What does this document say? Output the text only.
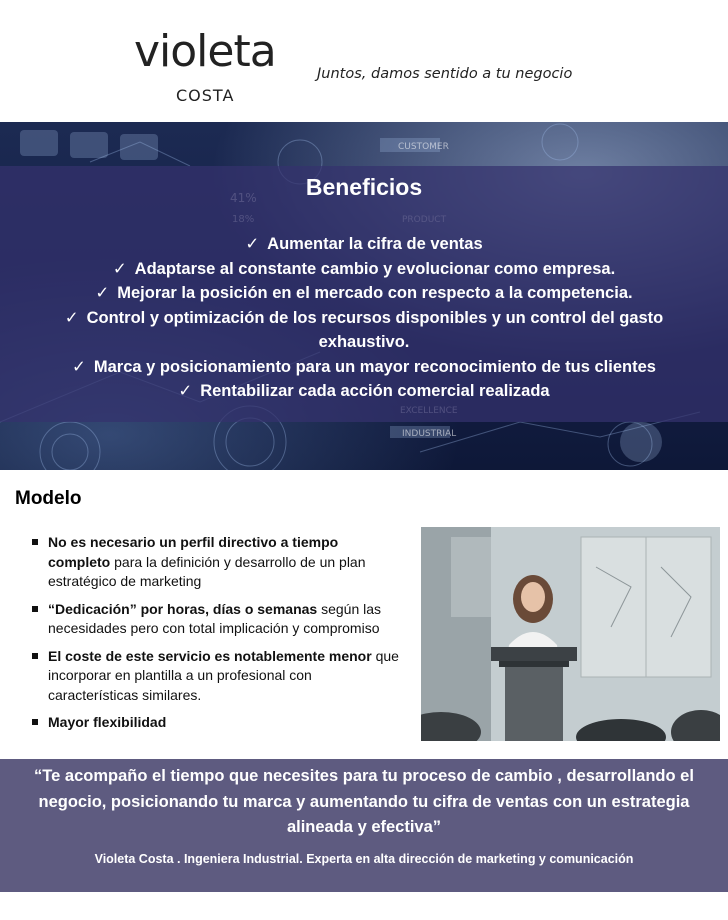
violeta
COSTA
Juntos, damos sentido a tu negocio
CUSTOMER
INDUSTRIAL
Beneficios
✓ Aumentar la cifra de ventas
✓ Adaptarse al constante cambio y evolucionar como empresa.
✓ Mejorar la posición en el mercado con respecto a la competencia.
✓ Control y optimización de los recursos disponibles y un control del gasto
exhaustivo.
✓ Marca y posicionamiento para un mayor reconocimiento de tus clientes
✓ Rentabilizar cada acción comercial realizada
Modelo
No es necesario un perfil directivo a tiempo completo para la definición y desarrollo de un plan estratégico de marketing
“Dedicación” por horas, días o semanas según las necesidades pero con total implicación y compromiso
El coste de este servicio es notablemente menor que incorporar en plantilla a un profesional con características similares.
Mayor flexibilidad
“Te acompaño el tiempo que necesites para tu proceso de cambio , desarrollando el negocio, posicionando tu marca y aumentando tu cifra de ventas con un estrategia alineada y efectiva”
Violeta Costa . Ingeniera Industrial. Experta en alta dirección de marketing y comunicación
